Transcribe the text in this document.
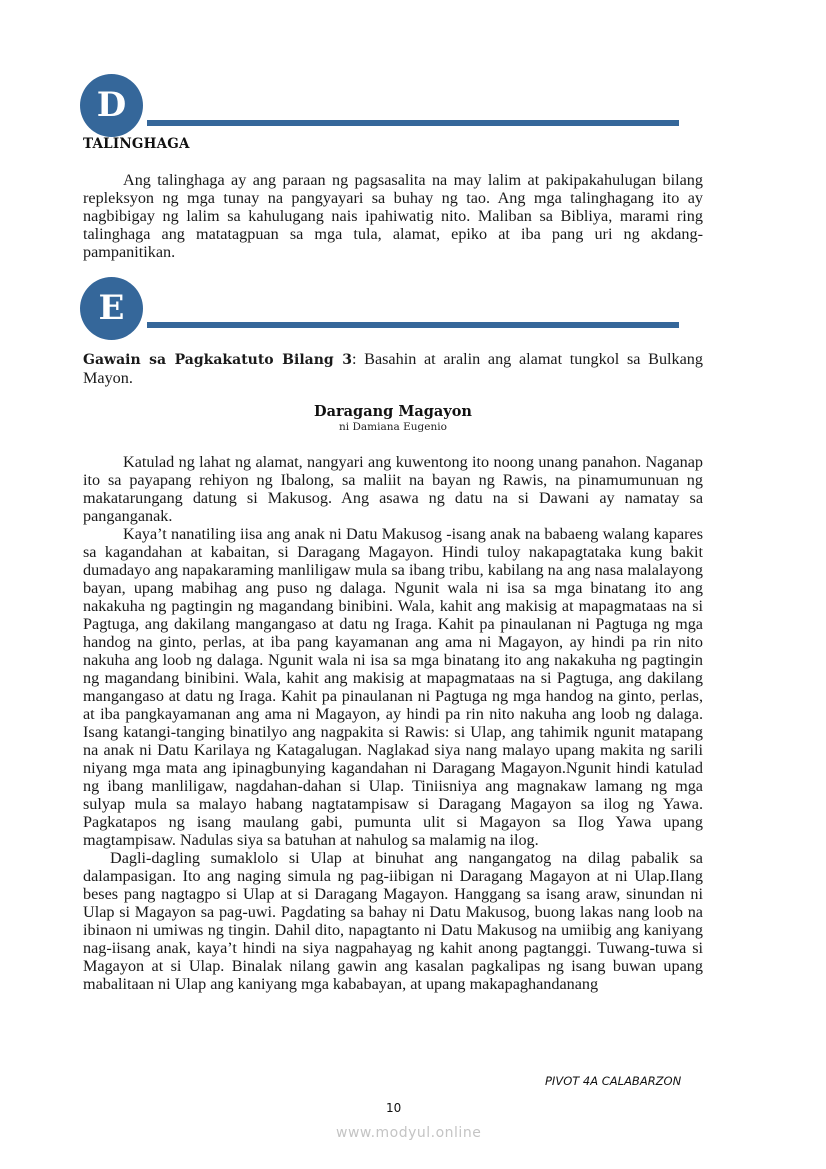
D
TALINGHAGA

Ang talinghaga ay ang paraan ng pagsasalita na may lalim at pakipakahulugan bilang repleksyon ng mga tunay na pangyayari sa buhay ng tao. Ang mga talinghagang ito ay nagbibigay ng lalim sa kahulugang nais ipahiwatig nito. Maliban sa Bibliya, marami ring talinghaga ang matatagpuan sa mga tula, alamat, epiko at iba pang uri ng akdang-pampanitikan.

E

Gawain sa Pagkakatuto Bilang 3: Basahin at aralin ang alamat tungkol sa Bulkang Mayon.

Daragang Magayon
ni Damiana Eugenio

Katulad ng lahat ng alamat, nangyari ang kuwentong ito noong unang panahon. Naganap ito sa payapang rehiyon ng Ibalong, sa maliit na bayan ng Rawis, na pinamumunuan ng makatarungang datung si Makusog. Ang asawa ng datu na si Dawani ay namatay sa panganganak.

Kaya’t nanatiling iisa ang anak ni Datu Makusog -isang anak na babaeng walang kapares sa kagandahan at kabaitan, si Daragang Magayon. Hindi tuloy nakapagtataka kung bakit dumadayo ang napakaraming manliligaw mula sa ibang tribu, kabilang na ang nasa malalayong bayan, upang mabihag ang puso ng dalaga. Ngunit wala ni isa sa mga binatang ito ang nakakuha ng pagtingin ng magandang binibini. Wala, kahit ang makisig at mapagmataas na si Pagtuga, ang dakilang mangangaso at datu ng Iraga. Kahit pa pinaulanan ni Pagtuga ng mga handog na ginto, perlas, at iba pang kayamanan ang ama ni Magayon, ay hindi pa rin nito nakuha ang loob ng dalaga. Ngunit wala ni isa sa mga binatang ito ang nakakuha ng pagtingin ng magandang binibini. Wala, kahit ang makisig at mapagmataas na si Pagtuga, ang dakilang mangangaso at datu ng Iraga. Kahit pa pinaulanan ni Pagtuga ng mga handog na ginto, perlas, at iba pangkayamanan ang ama ni Magayon, ay hindi pa rin nito nakuha ang loob ng dalaga. Isang katangi-tanging binatilyo ang nagpakita si Rawis: si Ulap, ang tahimik ngunit matapang na anak ni Datu Karilaya ng Katagalugan. Naglakad siya nang malayo upang makita ng sarili niyang mga mata ang ipinagbunying kagandahan ni Daragang Magayon.Ngunit hindi katulad ng ibang manliligaw, nagdahan-dahan si Ulap. Tiniisniya ang magnakaw lamang ng mga sulyap mula sa malayo habang nagtatampisaw si Daragang Magayon sa ilog ng Yawa. Pagkatapos ng isang maulang gabi, pumunta ulit si Magayon sa Ilog Yawa upang magtampisaw. Nadulas siya sa batuhan at nahulog sa malamig na ilog.

Dagli-dagling sumaklolo si Ulap at binuhat ang nangangatog na dilag pabalik sa dalampasigan. Ito ang naging simula ng pag-iibigan ni Daragang Magayon at ni Ulap.Ilang beses pang nagtagpo si Ulap at si Daragang Magayon. Hanggang sa isang araw, sinundan ni Ulap si Magayon sa pag-uwi. Pagdating sa bahay ni Datu Makusog, buong lakas nang loob na ibinaon ni umiwas ng tingin. Dahil dito, napagtanto ni Datu Makusog na umiibig ang kaniyang nag-iisang anak, kaya’t hindi na siya nagpahayag ng kahit anong pagtanggi. Tuwang-tuwa si Magayon at si Ulap. Binalak nilang gawin ang kasalan pagkalipas ng isang buwan upang mabalitaan ni Ulap ang kaniyang mga kababayan, at upang makapaghandanang

PIVOT 4A CALABARZON
10
www.modyul.online
